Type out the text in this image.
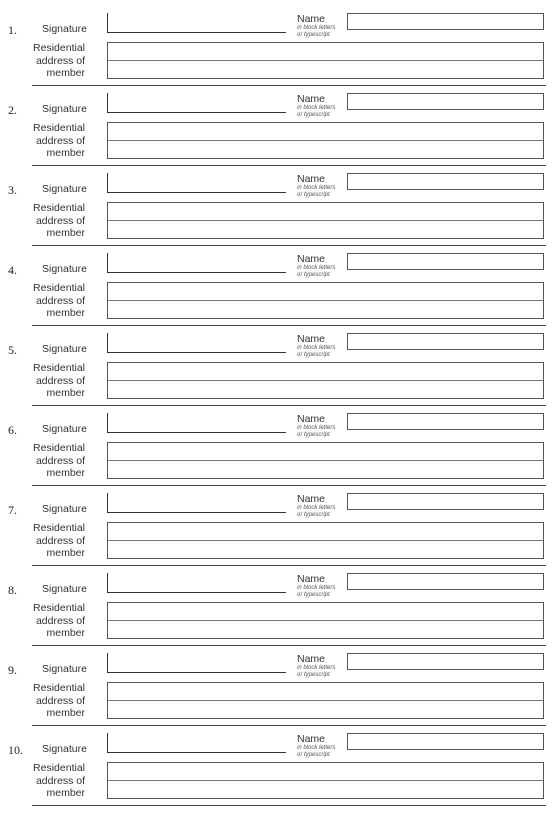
1. Signature
Name
in block letters
or typescript
Residential
address of
member
2. Signature
Name
in block letters
or typescript
Residential
address of
member
3. Signature
Name
in block letters
or typescript
Residential
address of
member
4. Signature
Name
in block letters
or typescript
Residential
address of
member
5. Signature
Name
in block letters
or typescript
Residential
address of
member
6. Signature
Name
in block letters
or typescript
Residential
address of
member
7. Signature
Name
in block letters
or typescript
Residential
address of
member
8. Signature
Name
in block letters
or typescript
Residential
address of
member
9. Signature
Name
in block letters
or typescript
Residential
address of
member
10. Signature
Name
in block letters
or typescript
Residential
address of
member
